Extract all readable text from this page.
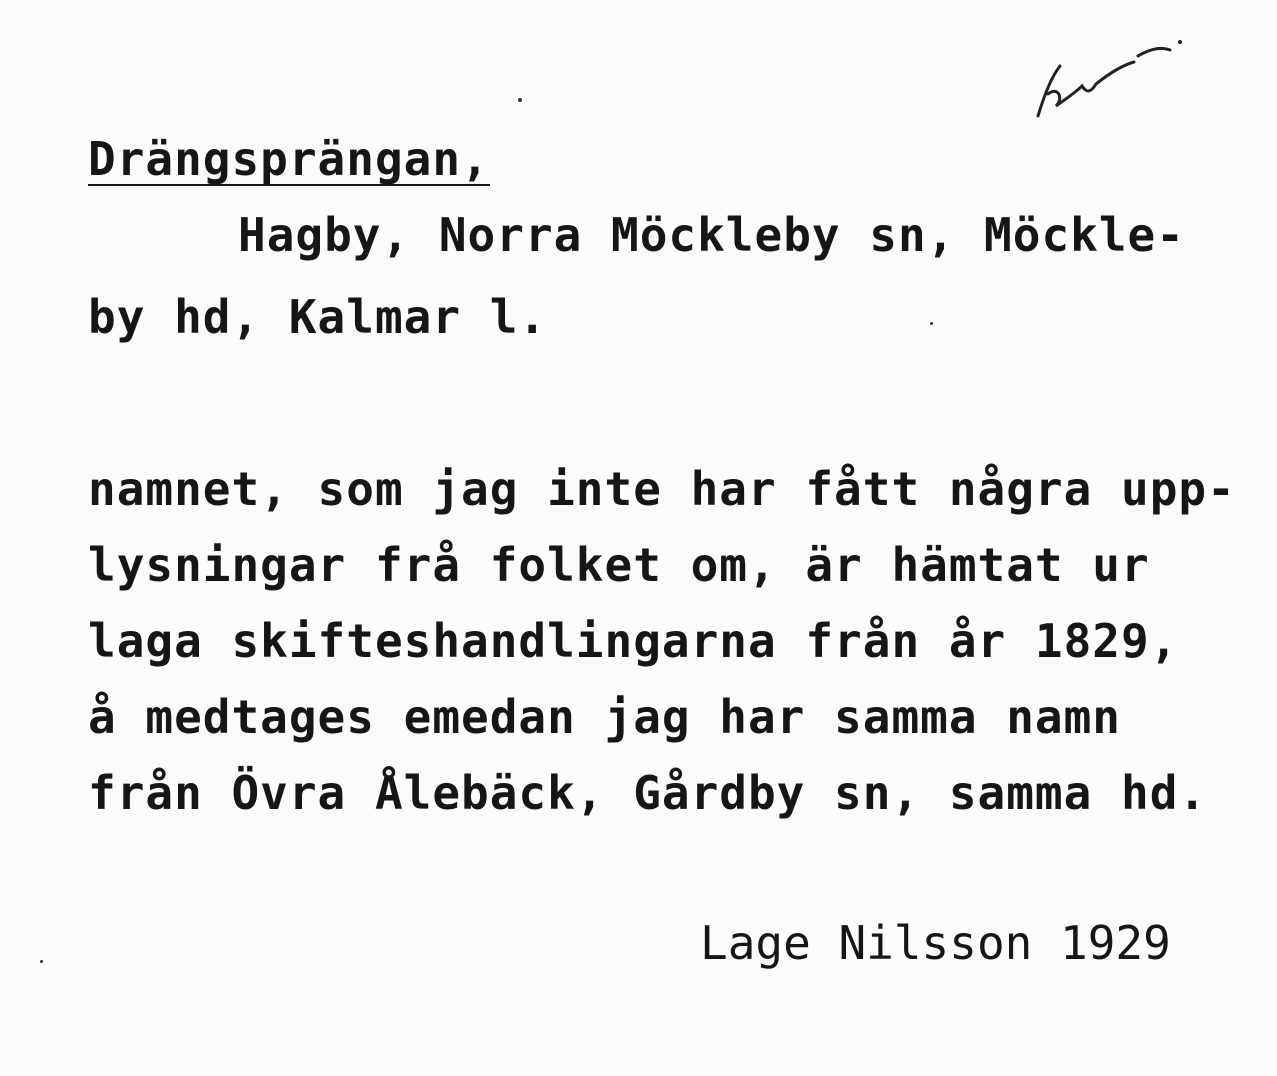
Drängsprängan,
Hagby, Norra Möckleby sn, Möckle-
by hd, Kalmar l.
namnet, som jag inte har fått några upp-
lysningar frå folket om, är hämtat ur
laga skifteshandlingarna från år 1829,
å medtages emedan jag har samma namn
från Övra Ålebäck, Gårdby sn, samma hd.
Lage Nilsson 1929
